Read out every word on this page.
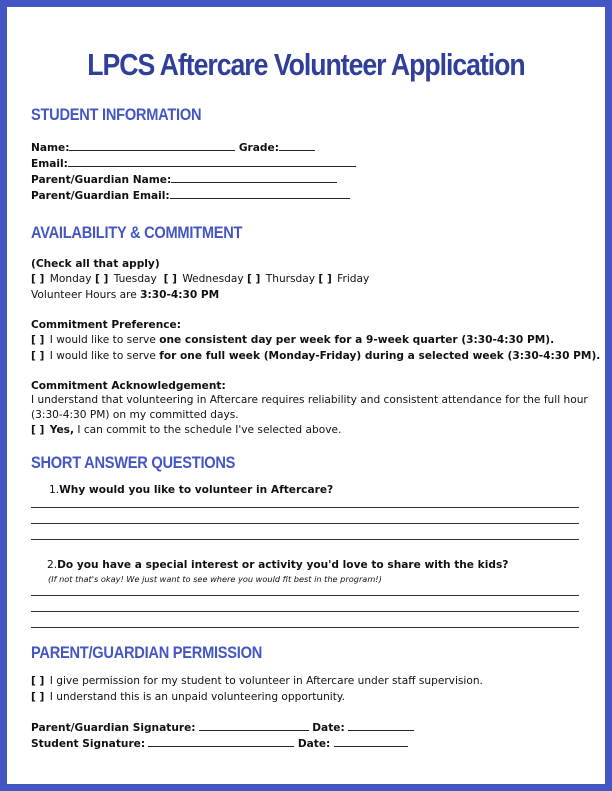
LPCS Aftercare Volunteer Application
STUDENT INFORMATION
Name:	Grade:
Email:
Parent/Guardian Name:
Parent/Guardian Email:
AVAILABILITY & COMMITMENT
(Check all that apply)
[ ] Monday [ ] Tuesday [ ] Wednesday [ ] Thursday [ ] Friday
Volunteer Hours are 3:30-4:30 PM
Commitment Preference:
[ ] I would like to serve one consistent day per week for a 9-week quarter (3:30-4:30 PM).
[ ] I would like to serve for one full week (Monday-Friday) during a selected week (3:30-4:30 PM).
Commitment Acknowledgement:
I understand that volunteering in Aftercare requires reliability and consistent attendance for the full hour (3:30-4:30 PM) on my committed days.
[ ] Yes, I can commit to the schedule I've selected above.
SHORT ANSWER QUESTIONS
1.Why would you like to volunteer in Aftercare?
2.Do you have a special interest or activity you'd love to share with the kids?
(If not that's okay! We just want to see where you would fit best in the program!)
PARENT/GUARDIAN PERMISSION
[ ] I give permission for my student to volunteer in Aftercare under staff supervision.
[ ] I understand this is an unpaid volunteering opportunity.
Parent/Guardian Signature:	Date:
Student Signature:	Date:
